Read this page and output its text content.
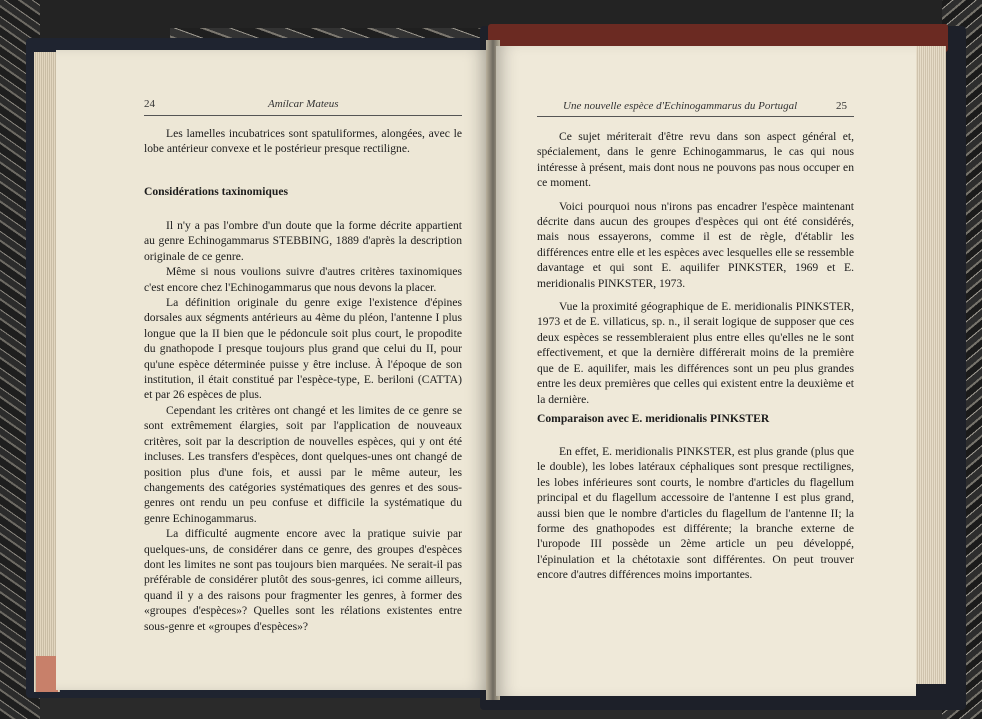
24	Amílcar Mateus

Les lamelles incubatrices sont spatuliformes, alongées, avec le lobe antérieur convexe et le postérieur presque rectiligne.

Considérations taxinomiques

Il n'y a pas l'ombre d'un doute que la forme décrite appartient au genre Echinogammarus STEBBING, 1889 d'après la description originale de ce genre.

Même si nous voulions suivre d'autres critères taxinomiques c'est encore chez l'Echinogammarus que nous devons la placer.

La définition originale du genre exige l'existence d'épines dorsales aux ségments antérieurs au 4ème du pléon, l'antenne I plus longue que la II bien que le pédoncule soit plus court, le propodite du gnathopode I presque toujours plus grand que celui du II, pour qu'une espèce déterminée puisse y être incluse. À l'époque de son institution, il était constitué par l'espèce-type, E. beriloni (CATTA) et par 26 espèces de plus.

Cependant les critères ont changé et les limites de ce genre se sont extrêmement élargies, soit par l'application de nouveaux critères, soit par la description de nouvelles espèces, qui y ont été incluses. Les transfers d'espèces, dont quelques-unes ont changé de position plus d'une fois, et aussi par le même auteur, les changements des catégories systématiques des genres et des sous-genres ont rendu un peu confuse et difficile la systématique du genre Echinogammarus.

La difficulté augmente encore avec la pratique suivie par quelques-uns, de considérer dans ce genre, des groupes d'espèces dont les limites ne sont pas toujours bien marquées. Ne serait-il pas préférable de considérer plutôt des sous-genres, ici comme ailleurs, quand il y a des raisons pour fragmenter les genres, à former des «groupes d'espèces»? Quelles sont les rélations existentes entre sous-genre et «groupes d'espèces»?

Une nouvelle espèce d'Echinogammarus du Portugal	25

Ce sujet mériterait d'être revu dans son aspect général et, spécialement, dans le genre Echinogammarus, le cas qui nous intéresse à présent, mais dont nous ne pouvons pas nous occuper en ce moment.

Voici pourquoi nous n'irons pas encadrer l'espèce maintenant décrite dans aucun des groupes d'espèces qui ont été considérés, mais nous essayerons, comme il est de règle, d'établir les différences entre elle et les espèces avec lesquelles elle se ressemble davantage et qui sont E. aquilifer PINKSTER, 1969 et E. meridionalis PINKSTER, 1973.

Vue la proximité géographique de E. meridionalis PINKSTER, 1973 et de E. villaticus, sp. n., il serait logique de supposer que ces deux espèces se ressembleraient plus entre elles qu'elles ne le sont effectivement, et que la dernière différerait moins de la première que de E. aquilifer, mais les différences sont un peu plus grandes entre les deux premières que celles qui existent entre la deuxième et la dernière.

Comparaison avec E. meridionalis PINKSTER

En effet, E. meridionalis PINKSTER, est plus grande (plus que le double), les lobes latéraux céphaliques sont presque rectilignes, les lobes inférieures sont courts, le nombre d'articles du flagellum principal et du flagellum accessoire de l'antenne I est plus grand, aussi bien que le nombre d'articles du flagellum de l'antenne II; la forme des gnathopodes est différente; la branche externe de l'uropode III possède un 2ème article un peu développé, l'épinulation et la chétotaxie sont différentes. On peut trouver encore d'autres différences moins importantes.
